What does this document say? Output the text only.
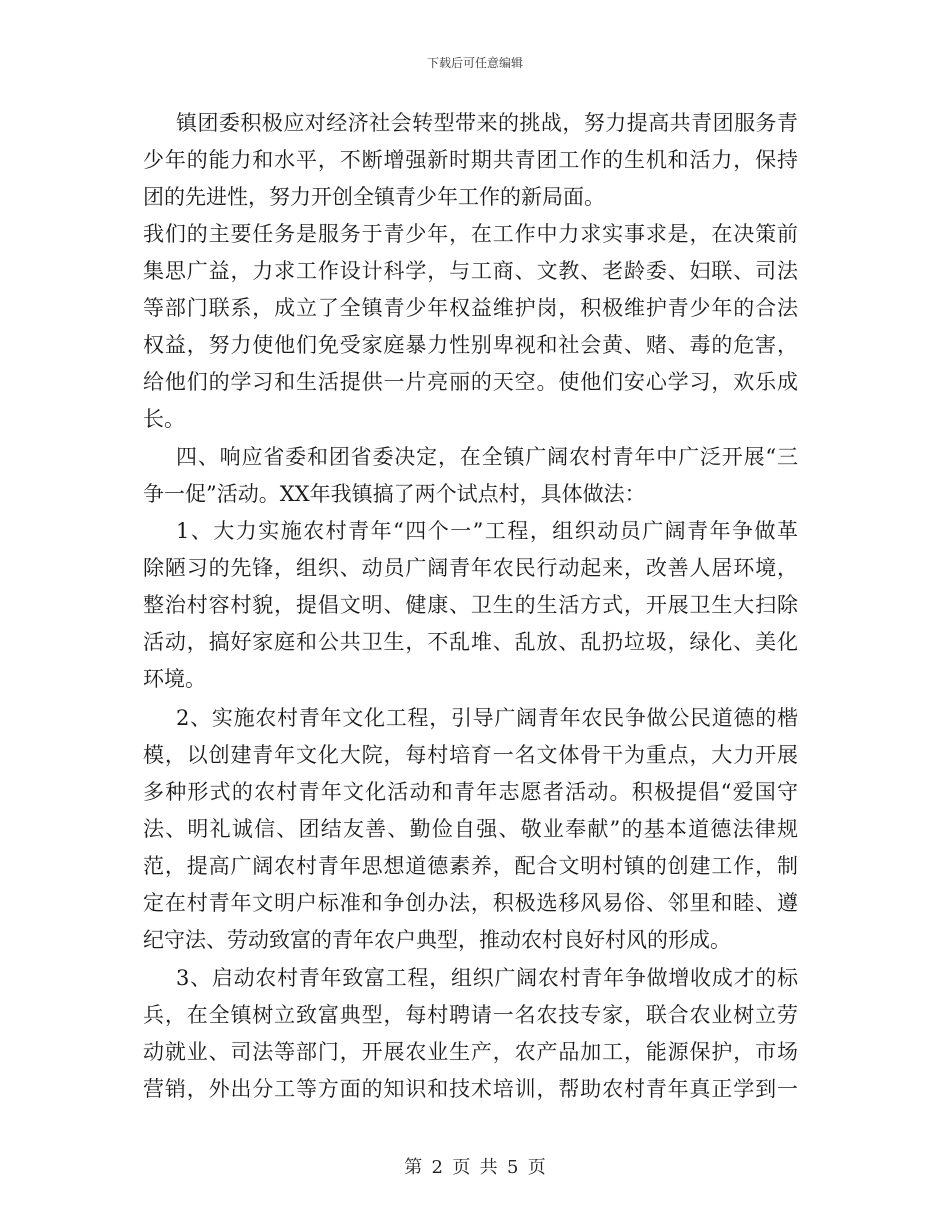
下载后可任意编辑
镇团委积极应对经济社会转型带来的挑战，努力提高共青团服务青
少年的能力和水平，不断增强新时期共青团工作的生机和活力，保持
团的先进性，努力开创全镇青少年工作的新局面。
我们的主要任务是服务于青少年，在工作中力求实事求是，在决策前
集思广益，力求工作设计科学，与工商、文教、老龄委、妇联、司法
等部门联系，成立了全镇青少年权益维护岗，积极维护青少年的合法
权益，努力使他们免受家庭暴力性别卑视和社会黄、赌、毒的危害，
给他们的学习和生活提供一片亮丽的天空。使他们安心学习，欢乐成
长。
四、响应省委和团省委决定，在全镇广阔农村青年中广泛开展“三
争一促”活动。XX年我镇搞了两个试点村，具体做法：
1、大力实施农村青年“四个一”工程，组织动员广阔青年争做革
除陋习的先锋，组织、动员广阔青年农民行动起来，改善人居环境，
整治村容村貌，提倡文明、健康、卫生的生活方式，开展卫生大扫除
活动，搞好家庭和公共卫生，不乱堆、乱放、乱扔垃圾，绿化、美化
环境。
2、实施农村青年文化工程，引导广阔青年农民争做公民道德的楷
模，以创建青年文化大院，每村培育一名文体骨干为重点，大力开展
多种形式的农村青年文化活动和青年志愿者活动。积极提倡“爱国守
法、明礼诚信、团结友善、勤俭自强、敬业奉献”的基本道德法律规
范，提高广阔农村青年思想道德素养，配合文明村镇的创建工作，制
定在村青年文明户标准和争创办法，积极选移风易俗、邻里和睦、遵
纪守法、劳动致富的青年农户典型，推动农村良好村风的形成。
3、启动农村青年致富工程，组织广阔农村青年争做增收成才的标
兵，在全镇树立致富典型，每村聘请一名农技专家，联合农业树立劳
动就业、司法等部门，开展农业生产，农产品加工，能源保护，市场
营销，外出分工等方面的知识和技术培训，帮助农村青年真正学到一
第 2 页 共 5 页
